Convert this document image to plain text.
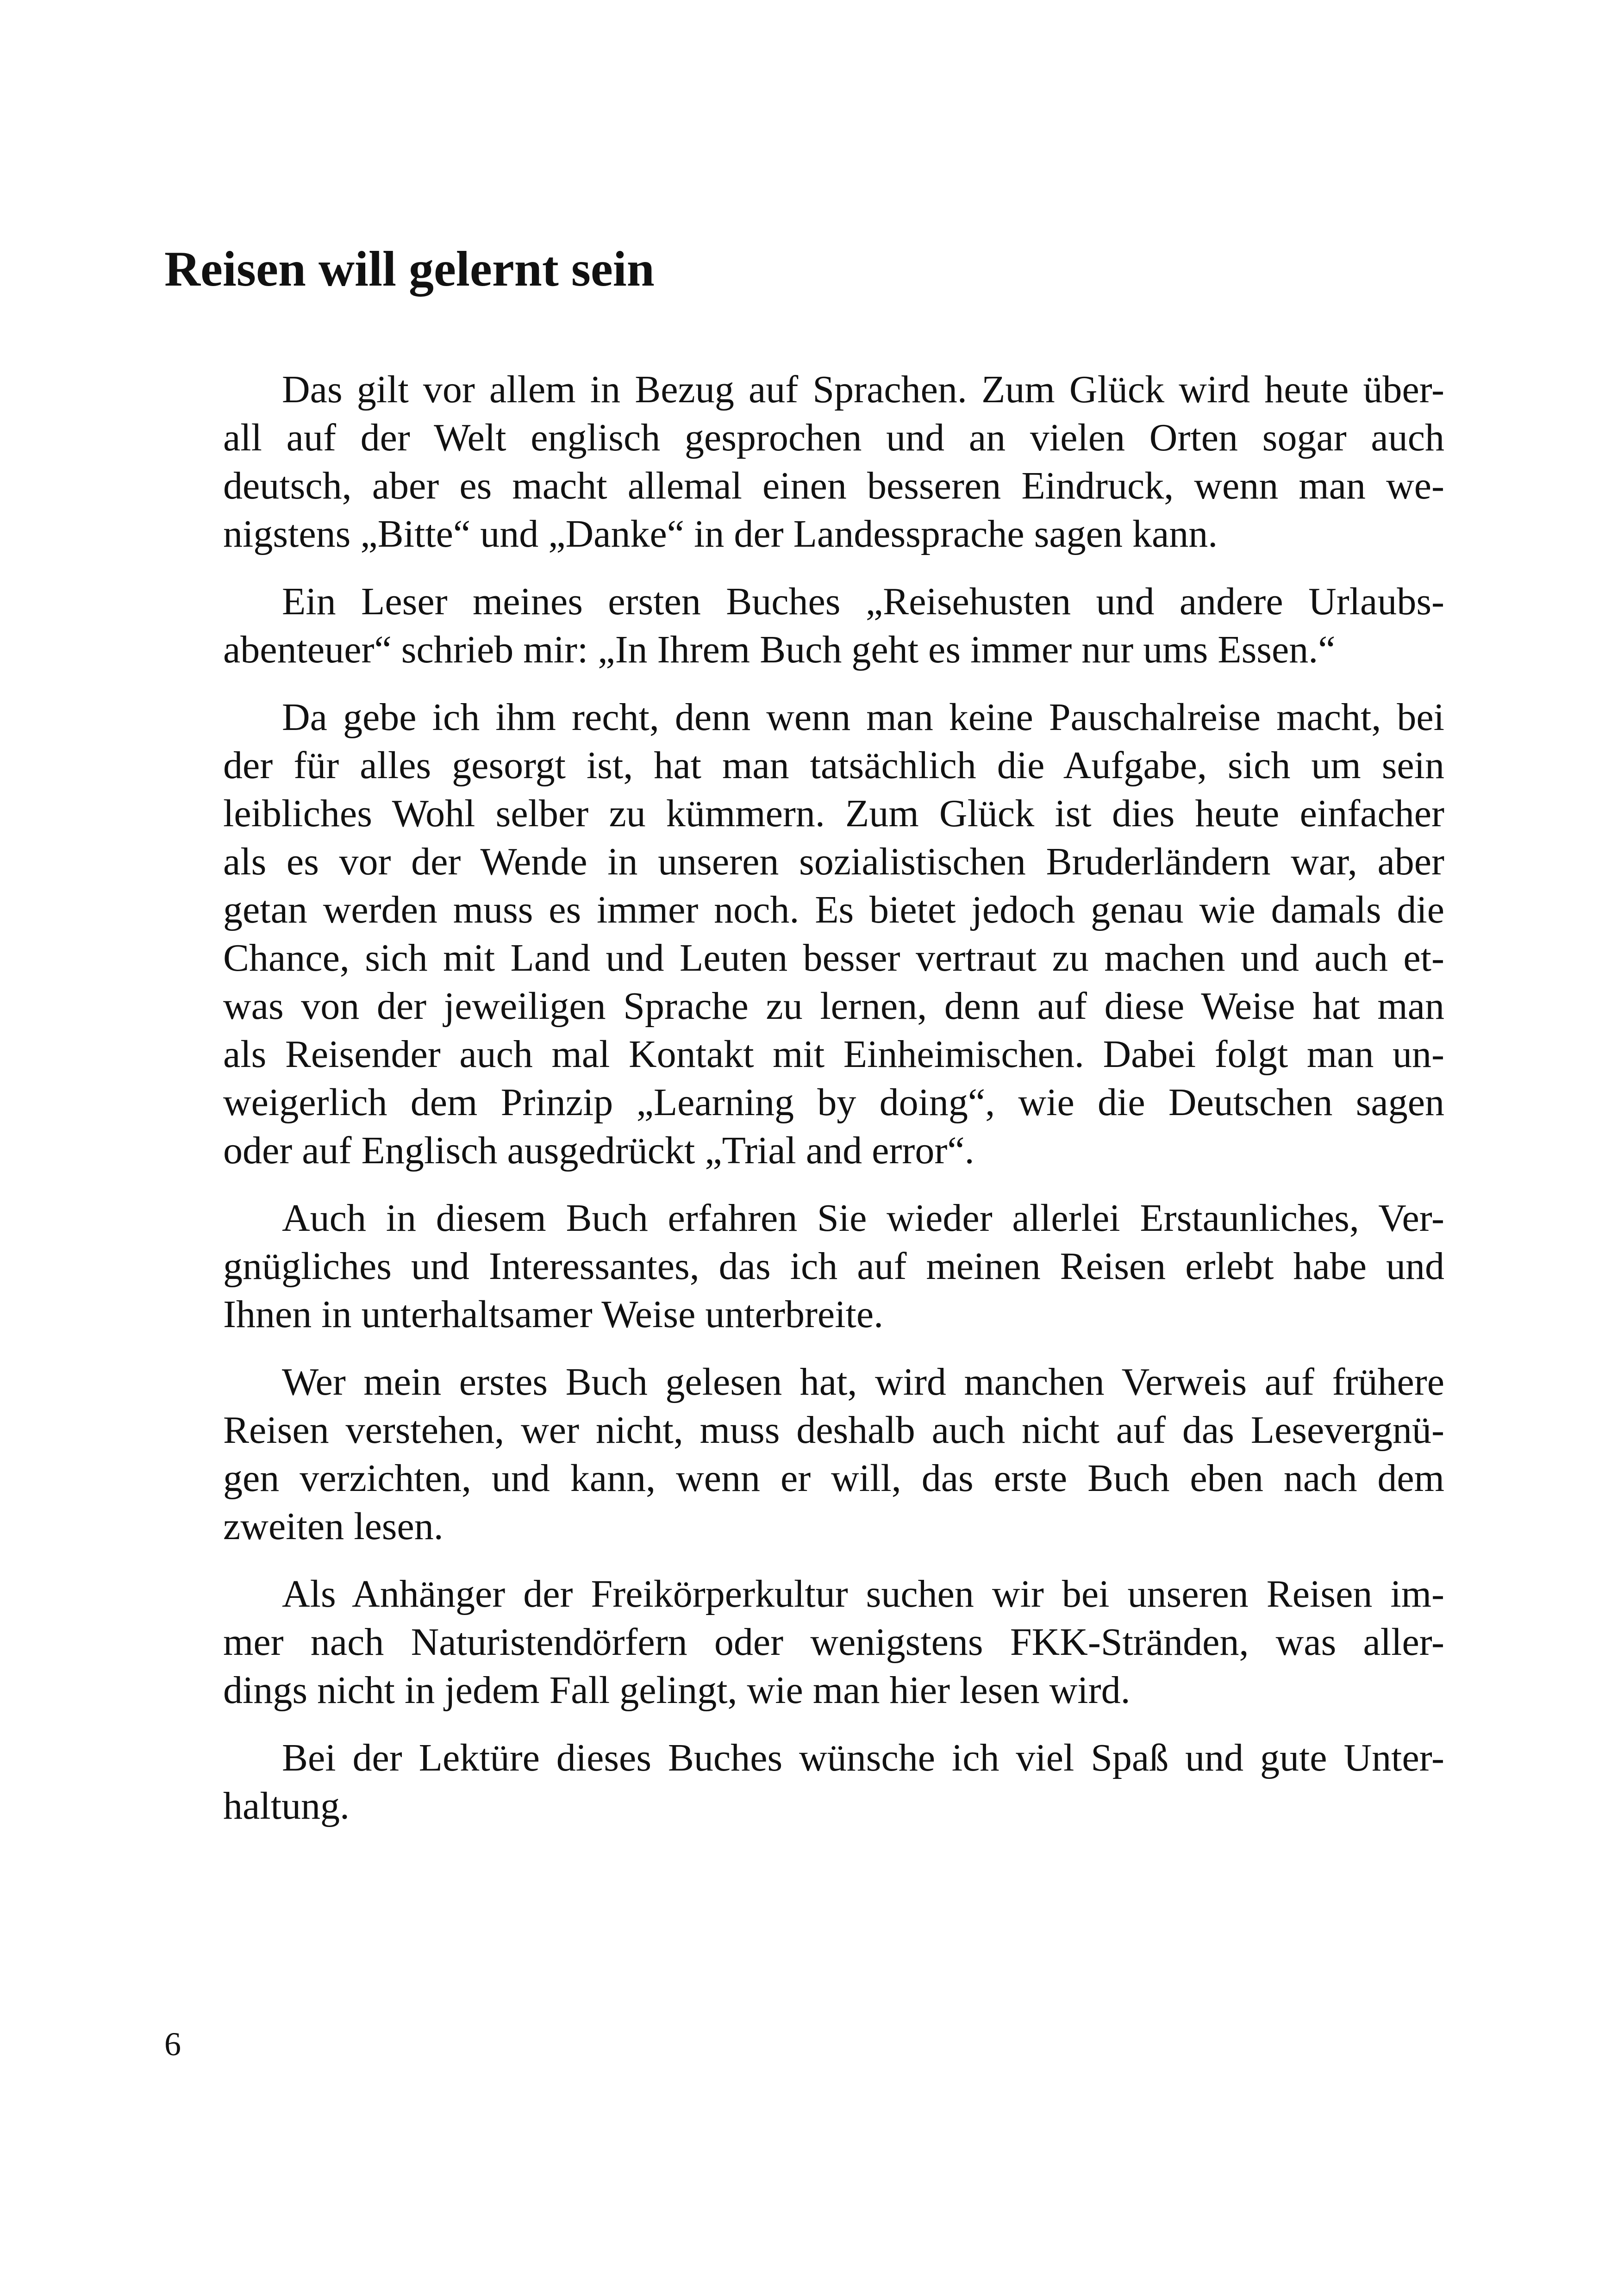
Reisen will gelernt sein

Das gilt vor allem in Bezug auf Sprachen. Zum Glück wird heute über-
all auf der Welt englisch gesprochen und an vielen Orten sogar auch
deutsch, aber es macht allemal einen besseren Eindruck, wenn man we-
nigstens „Bitte“ und „Danke“ in der Landessprache sagen kann.

Ein Leser meines ersten Buches „Reisehusten und andere Urlaubs-
abenteuer“ schrieb mir: „In Ihrem Buch geht es immer nur ums Essen.“

Da gebe ich ihm recht, denn wenn man keine Pauschalreise macht, bei
der für alles gesorgt ist, hat man tatsächlich die Aufgabe, sich um sein
leibliches Wohl selber zu kümmern. Zum Glück ist dies heute einfacher
als es vor der Wende in unseren sozialistischen Bruderländern war, aber
getan werden muss es immer noch. Es bietet jedoch genau wie damals die
Chance, sich mit Land und Leuten besser vertraut zu machen und auch et-
was von der jeweiligen Sprache zu lernen, denn auf diese Weise hat man
als Reisender auch mal Kontakt mit Einheimischen. Dabei folgt man un-
weigerlich dem Prinzip „Learning by doing“, wie die Deutschen sagen
oder auf Englisch ausgedrückt „Trial and error“.

Auch in diesem Buch erfahren Sie wieder allerlei Erstaunliches, Ver-
gnügliches und Interessantes, das ich auf meinen Reisen erlebt habe und
Ihnen in unterhaltsamer Weise unterbreite.

Wer mein erstes Buch gelesen hat, wird manchen Verweis auf frühere
Reisen verstehen, wer nicht, muss deshalb auch nicht auf das Lesevergnü-
gen verzichten, und kann, wenn er will, das erste Buch eben nach dem
zweiten lesen.

Als Anhänger der Freikörperkultur suchen wir bei unseren Reisen im-
mer nach Naturistendörfern oder wenigstens FKK-Stränden, was aller-
dings nicht in jedem Fall gelingt, wie man hier lesen wird.

Bei der Lektüre dieses Buches wünsche ich viel Spaß und gute Unter-
haltung.

6
